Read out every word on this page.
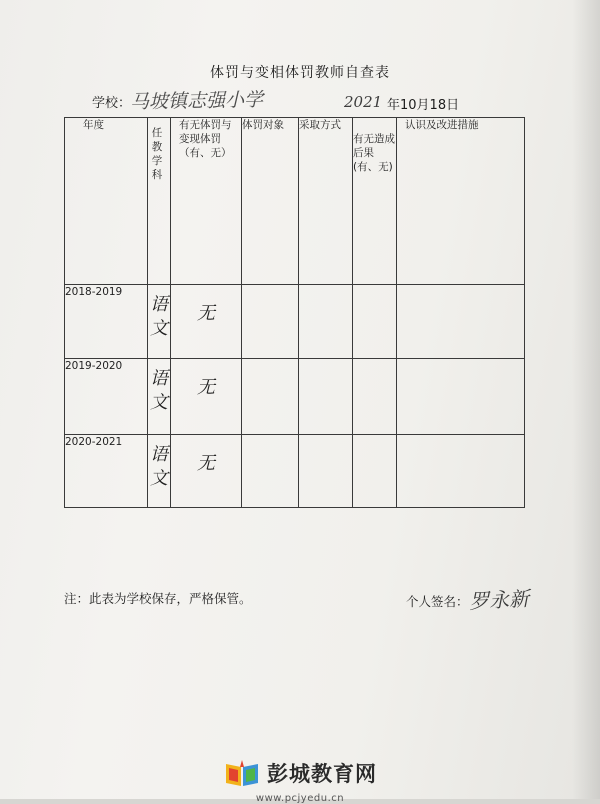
体罚与变相体罚教师自查表
学校：
马坡镇志强小学	2021 年10月18日
年度	任教学科	有无体罚与变现体罚（有、无）	体罚对象	采取方式	有无造成后果(有、无)	认识及改进措施
2018-2019	语文	无				

2019-2020	语文	无				

2020-2021	语文	无				

注：此表为学校保存，严格保管。	个人签名： 罗永新
彭城教育网
www.pcjyedu.cn
